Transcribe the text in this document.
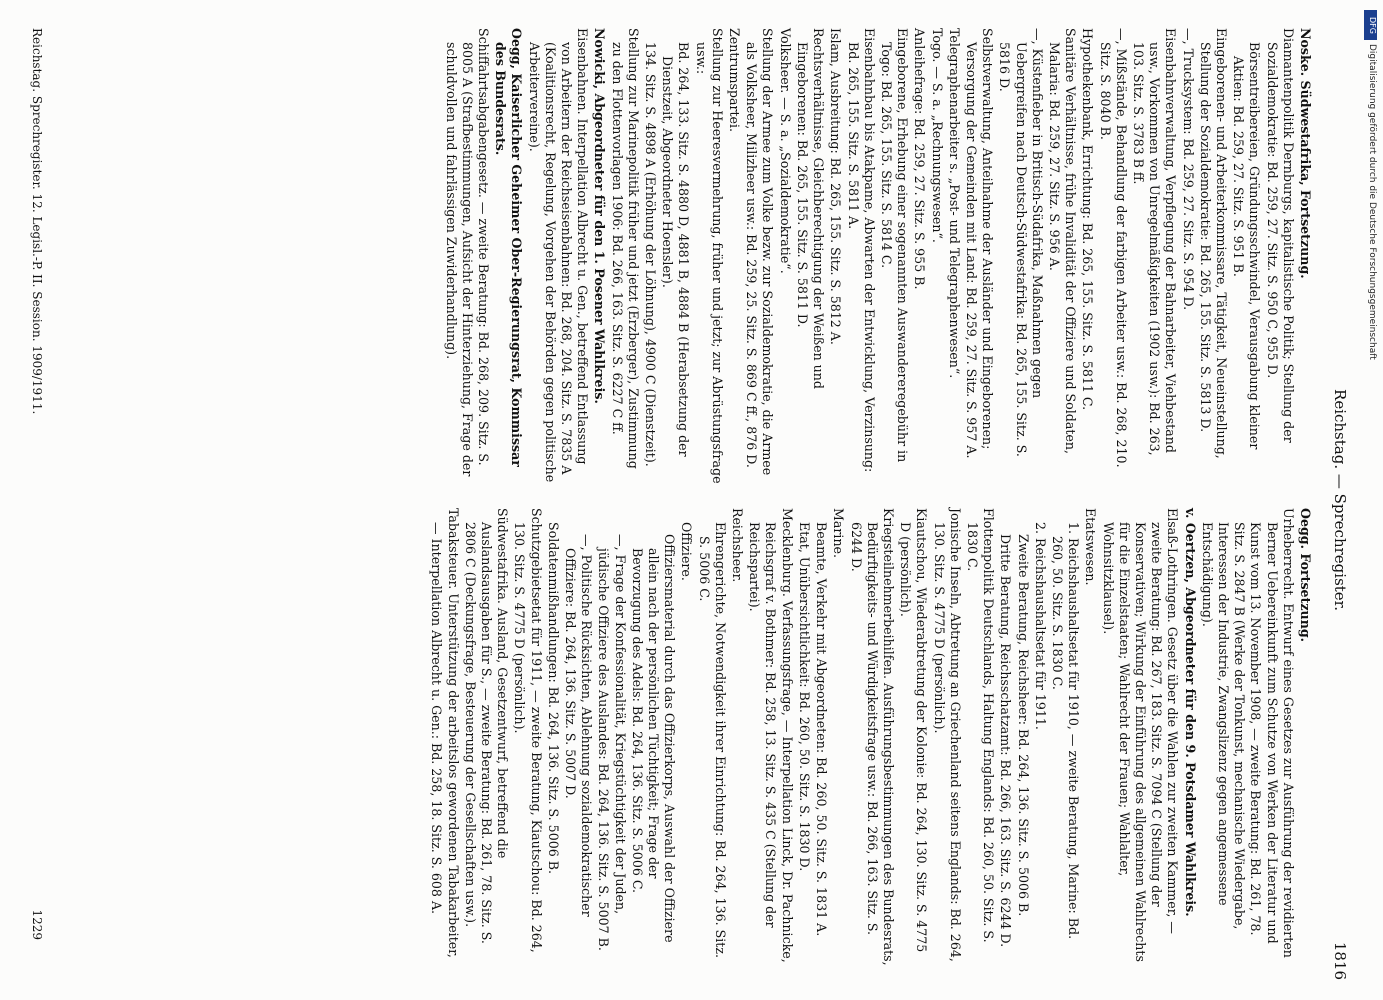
Reichstag. — Sprechregister.
1816

Noske. Südwestafrika, Fortsetzung.

Diamantenpolitik Dernburgs, kapitalistische Politik; Stellung der Sozialdemokratie: Bd. 259, 27. Sitz. S. 950 C, 955 D.

Börsentreibereien, Gründungsschwindel, Verausgabung kleiner Aktien: Bd. 259, 27. Sitz. S. 951 B.

Eingeborenen- und Arbeiterkommissare, Tätigkeit, Neueinstellung, Stellung der Sozialdemokratie: Bd. 265, 155. Sitz. S. 5813 D.

—, Trucksystem: Bd. 259, 27. Sitz. S. 954 D.

Eisenbahnverwaltung, Verpflegung der Bahnarbeiter, Viehbestand usw., Vorkommen von Unregelmäßigkeiten (1902 usw.): Bd. 263, 103. Sitz. S. 3783 B ff.

—, Mißstände, Behandlung der farbigen Arbeiter usw.: Bd. 268, 210. Sitz. S. 8040 B.

Hypothekenbank, Errichtung: Bd. 265, 155. Sitz. S. 5811 C.

Sanitäre Verhältnisse, frühe Invalidität der Offiziere und Soldaten, Malaria: Bd. 259, 27. Sitz. S. 956 A.

—, Küstenfieber in Britisch-Südafrika, Maßnahmen gegen Uebergreifen nach Deutsch-Südwestafrika: Bd. 265, 155. Sitz. S. 5816 D.

Selbstverwaltung, Anteilnahme der Ausländer und Eingeborenen; Versorgung der Gemeinden mit Land: Bd. 259, 27. Sitz. S. 957 A.

Telegraphenarbeiter s. „Post- und Telegraphenwesen“.

Togo. — S. a. „Rechnungswesen“.

Anleihefrage: Bd. 259, 27. Sitz. S. 955 B.

Eingeborene, Erhebung einer sogenannten Auswandereregebühr in Togo: Bd. 265, 155. Sitz. S. 5814 C.

Eisenbahnbau bis Atakpame, Abwarten der Entwicklung, Verzinsung: Bd. 265, 155. Sitz. S. 5811 A.

Islam, Ausbreitung: Bd. 265, 155. Sitz. S. 5812 A.

Rechtsverhältnisse, Gleichberechtigung der Weißen und Eingeborenen: Bd. 265, 155. Sitz. S. 5811 D.

Volksheer. — S. a. „Sozialdemokratie“.

Stellung der Armee zum Volke bezw. zur Sozialdemokratie, die Armee als Volksheer, Milizheer usw.: Bd. 259, 25. Sitz. S. 869 C ff., 876 D.

Zentrumspartei.

Stellung zur Heeresvermehrung, früher und jetzt; zur Abrüstungsfrage usw.:

Bd. 264, 133. Sitz. S. 4880 D, 4881 B, 4884 B (Herabsetzung der Dienstzeit, Abgeordneter Hoensler).

134. Sitz. S. 4898 A (Erhöhung der Löhnung), 4900 C (Dienstzeit).

Stellung zur Marinepolitik früher und jetzt (Erzberger), Zustimmung zu den Flottenvorlagen 1906: Bd. 266, 163. Sitz. S. 6227 C ff.

Nowicki, Abgeordneter für den 1. Posener Wahlkreis.

Eisenbahnen. Interpellation Albrecht u. Gen., betreffend Entlassung von Arbeitern der Reichseisenbahnen: Bd. 268, 204. Sitz. S. 7835 A (Koalitionsrecht, Regelung, Vorgehen der Behörden gegen politische Arbeitervereine).

Oegg, Kaiserlicher Geheimer Ober-Regierungsrat, Kommissar des Bundesrats.

Schiffahrtsabgabengesetz. — zweite Beratung: Bd. 268, 209. Sitz. S. 8005 A (Strafbestimmungen, Aufsicht der Hinterziehung, Frage der schuldvollen und fahrlässigen Zuwiderhandlung).

Oegg. Fortsetzung.

Urheberrecht. Entwurf eines Gesetzes zur Ausführung der revidierten Berner Uebereinkunft zum Schutze von Werken der Literatur und Kunst vom 13. November 1908, — zweite Beratung: Bd. 261, 78. Sitz. S. 2847 B (Werke der Tonkunst, mechanische Wiedergabe, Interessen der Industrie, Zwangslizenz gegen angemessene Entschädigung).

v. Oertzen, Abgeordneter für den 9. Potsdamer Wahlkreis.

Elsaß-Lothringen. Gesetz über die Wahlen zur zweiten Kammer, — zweite Beratung: Bd. 267, 183. Sitz. S. 7094 C (Stellung der Konservativen; Wirkung der Einführung des allgemeinen Wahlrechts für die Einzelstaaten; Wahlrecht der Frauen; Wahlalter, Wohnsitzklausel).

Etatswesen.

1. Reichshaushaltsetat für 1910, — zweite Beratung, Marine: Bd. 260, 50. Sitz. S. 1830 C.

2. Reichshaushaltsetat für 1911.

Zweite Beratung, Reichsheer: Bd. 264, 136. Sitz. S. 5006 B.

Dritte Beratung, Reichsschatzamt: Bd. 266, 163. Sitz. S. 6244 D.

Flottenpolitik Deutschlands, Haltung Englands: Bd. 260, 50. Sitz. S. 1830 C.

Jonische Inseln, Abtretung an Griechenland seitens Englands: Bd. 264, 130. Sitz. S. 4775 D (persönlich).

Kiautschou, Wiederabtretung der Kolonie: Bd. 264, 130. Sitz. S. 4775 D (persönlich).

Kriegsteilnehmerbeihilfen. Ausführungsbestimmungen des Bundesrats, Bedürftigkeits- und Würdigkeitsfrage usw.: Bd. 266, 163. Sitz. S. 6244 D.

Marine.

Beamte, Verkehr mit Abgeordneten: Bd. 260, 50. Sitz. S. 1831 A.

Etat, Unübersichtlichkeit: Bd. 260, 50. Sitz. S. 1830 D.

Mecklenburg. Verfassungsfrage, — Interpellation Linck, Dr. Pachnicke, Reichsgraf v. Bothmer: Bd. 258, 13. Sitz. S. 435 C (Stellung der Reichspartei).

Reichsheer.

Ehrengerichte, Notwendigkeit ihrer Einrichtung: Bd. 264, 136. Sitz. S. 5006 C.

Offiziere.

Offiziersmaterial durch das Offizierkorps, Auswahl der Offiziere allein nach der persönlichen Tüchtigkeit; Frage der Bevorzugung des Adels: Bd. 264, 136. Sitz. S. 5006 C.

—, Frage der Konfessionalität, Kriegstüchtigkeit der Juden, jüdische Offiziere des Auslandes: Bd. 264, 136. Sitz. S. 5007 B.

—, Politische Rücksichten, Ablehnung sozialdemokratischer Offiziere: Bd. 264, 136. Sitz. S. 5007 D.

Soldatenmißhandlungen: Bd. 264, 136. Sitz. S. 5006 B.

Schutzgebietsetat für 1911, — zweite Beratung, Kiautschou: Bd. 264, 130. Sitz. S. 4775 D (persönlich).

Südwestafrika. Ausland, Gesetzentwurf, betreffend die Auslandsausgaben für S., — zweite Beratung: Bd. 261, 78. Sitz. S. 2806 C (Deckungsfrage, Besteuerung der Gesellschaften usw.).

Tabaksteuer. Unterstützung der arbeitslos gewordenen Tabakarbeiter, — Interpellation Albrecht u. Gen.: Bd. 258, 18. Sitz. S. 608 A.

Reichstag. Sprechregister. 12. Legisl.-P. II. Session. 1909/1911.
1229
DFG
Digitalisierung gefördert durch die Deutsche Forschungsgemeinschaft
